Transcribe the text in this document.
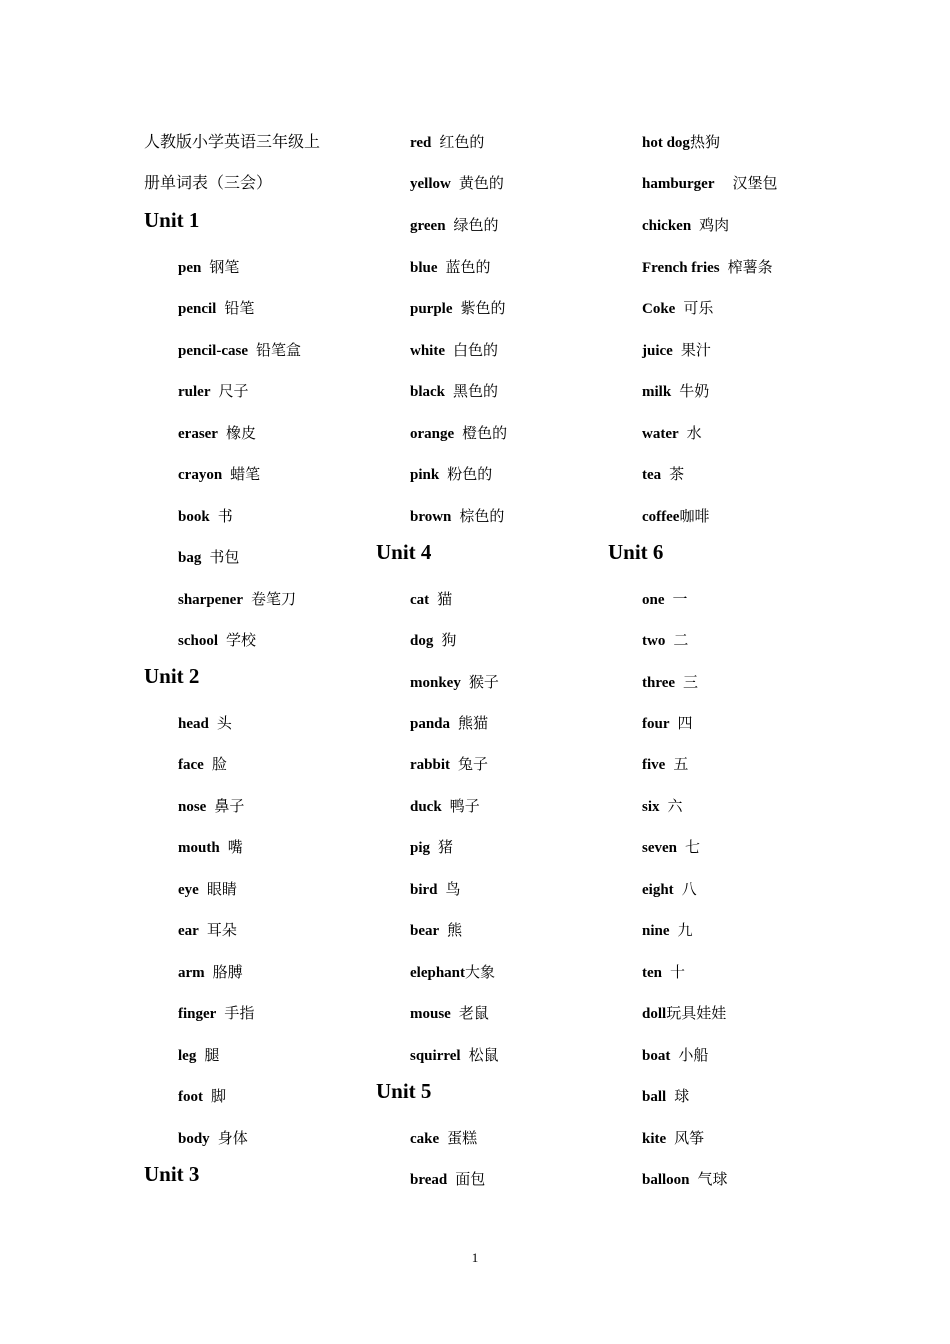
人教版小学英语三年级上
册单词表（三会）
Unit 1
pen 钢笔
pencil 铅笔
pencil-case 铅笔盒
ruler 尺子
eraser 橡皮
crayon 蜡笔
book 书
bag 书包
sharpener 卷笔刀
school 学校
Unit 2
head 头
face 脸
nose 鼻子
mouth 嘴
eye 眼睛
ear 耳朵
arm 胳膊
finger 手指
leg 腿
foot 脚
body 身体
Unit 3
red 红色的
yellow 黄色的
green 绿色的
blue 蓝色的
purple 紫色的
white 白色的
black 黑色的
orange 橙色的
pink 粉色的
brown 棕色的
Unit 4
cat 猫
dog 狗
monkey 猴子
panda 熊猫
rabbit 兔子
duck 鸭子
pig 猪
bird 鸟
bear 熊
elephant大象
mouse 老鼠
squirrel 松鼠
Unit 5
cake 蛋糕
bread 面包
hot dog热狗
hamburger 汉堡包
chicken 鸡肉
French fries 榨薯条
Coke 可乐
juice 果汁
milk 牛奶
water 水
tea 茶
coffee咖啡
Unit 6
one 一
two 二
three 三
four 四
five 五
six 六
seven 七
eight 八
nine 九
ten 十
doll玩具娃娃
boat 小船
ball 球
kite 风筝
balloon 气球
1
